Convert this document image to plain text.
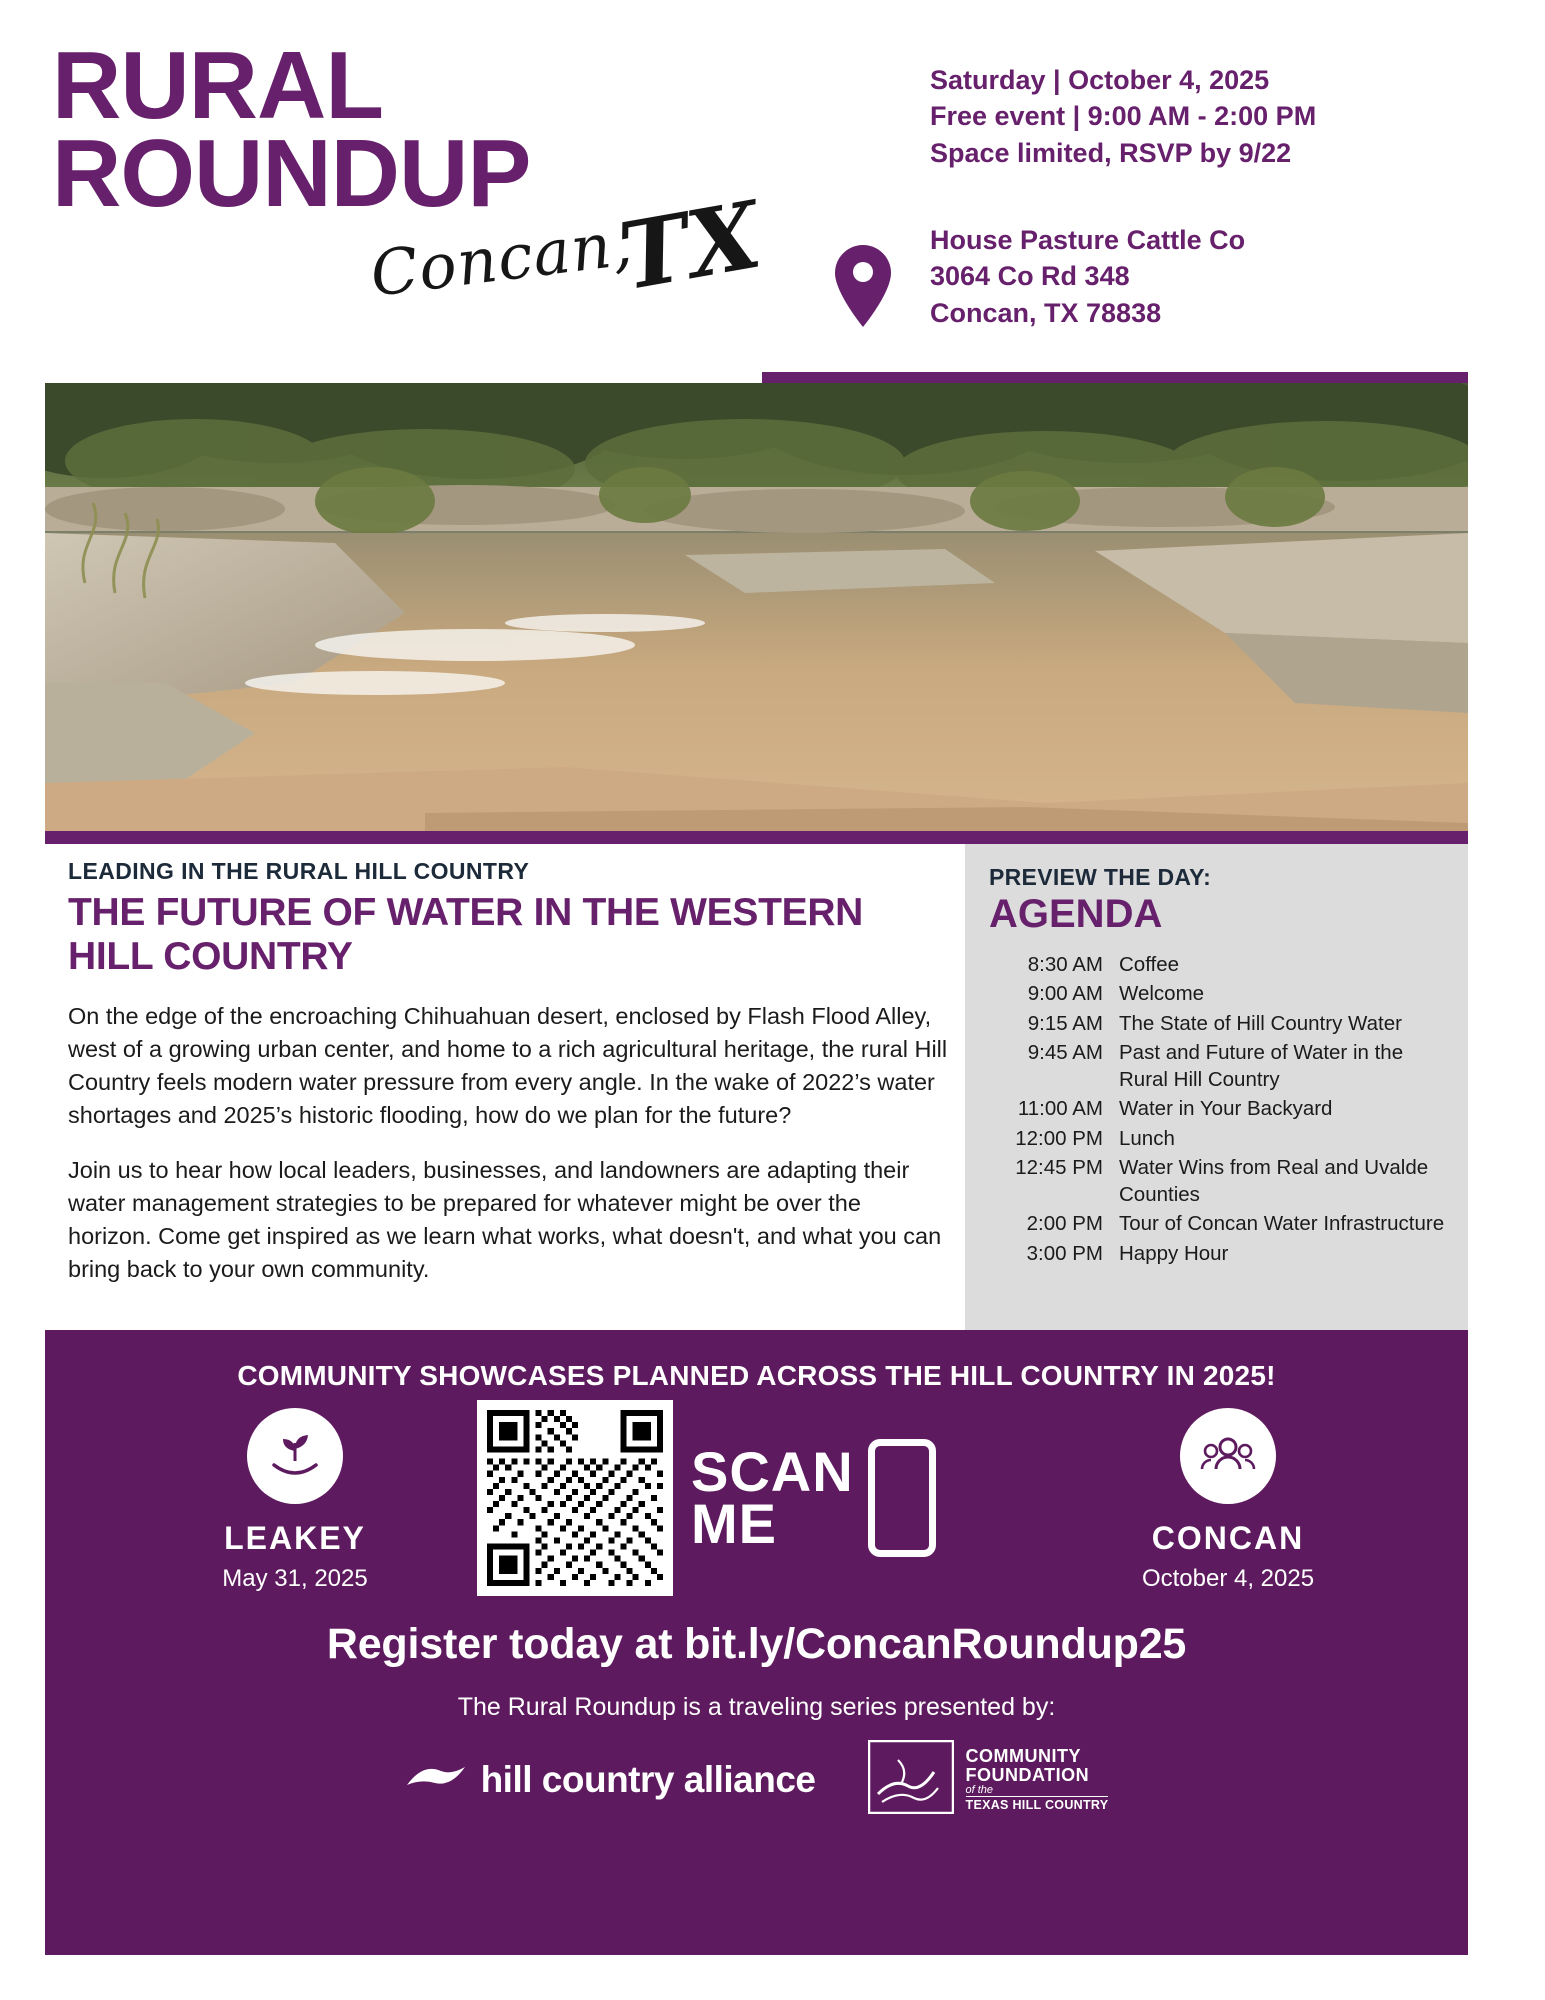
RURAL
ROUNDUP
Concan,
TX
Saturday | October 4, 2025
Free event | 9:00 AM - 2:00 PM
Space limited, RSVP by 9/22
House Pasture Cattle Co
3064 Co Rd 348
Concan, TX 78838
LEADING IN THE RURAL HILL COUNTRY
THE FUTURE OF WATER IN THE WESTERN HILL COUNTRY

On the edge of the encroaching Chihuahuan desert, enclosed by Flash Flood Alley, west of a growing urban center, and home to a rich agricultural heritage, the rural Hill Country feels modern water pressure from every angle. In the wake of 2022’s water shortages and 2025’s historic flooding, how do we plan for the future?

Join us to hear how local leaders, businesses, and landowners are adapting their water management strategies to be prepared for whatever might be over the horizon. Come get inspired as we learn what works, what doesn't, and what you can bring back to your own community.

PREVIEW THE DAY:
AGENDA
8:30 AM Coffee
9:00 AM Welcome
9:15 AM The State of Hill Country Water
9:45 AM Past and Future of Water in the Rural Hill Country
11:00 AM Water in Your Backyard
12:00 PM Lunch
12:45 PM Water Wins from Real and Uvalde Counties
2:00 PM Tour of Concan Water Infrastructure
3:00 PM Happy Hour
COMMUNITY SHOWCASES PLANNED ACROSS THE HILL COUNTRY IN 2025!
LEAKEY
May 31, 2025
SCAN
ME	CONCAN
October 4, 2025
Register today at bit.ly/ConcanRoundup25
The Rural Roundup is a traveling series presented by:
hill country alliance
COMMUNITY
FOUNDATION
of the
TEXAS HILL COUNTRY
